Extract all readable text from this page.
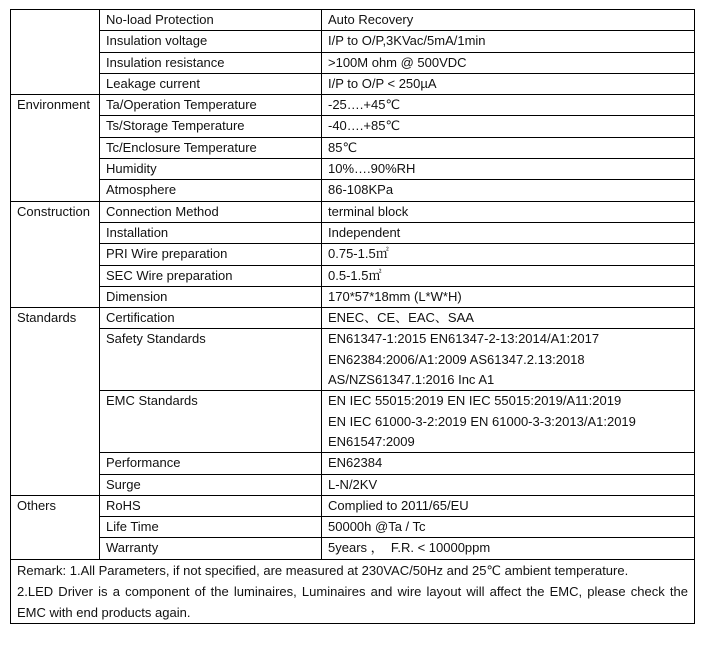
	No-load Protection	Auto Recovery
	Insulation voltage	I/P to O/P,3KVac/5mA/1min
	Insulation resistance	>100M ohm @ 500VDC
	Leakage current	I/P to O/P < 250µA
Environment	Ta/Operation Temperature	-25….+45℃
	Ts/Storage Temperature	-40….+85℃
	Tc/Enclosure Temperature	85℃
	Humidity	10%….90%RH
	Atmosphere	86-108KPa
Construction	Connection Method	terminal block
	Installation	Independent
	PRI Wire preparation	0.75-1.5㎡
	SEC Wire preparation	0.5-1.5㎡
	Dimension	170*57*18mm (L*W*H)
Standards	Certification	ENEC、CE、EAC、SAA
	Safety Standards	EN61347-1:2015 EN61347-2-13:2014/A1:2017
EN62384:2006/A1:2009 AS61347.2.13:2018
AS/NZS61347.1:2016 Inc A1

	EMC Standards	EN IEC 55015:2019 EN IEC 55015:2019/A11:2019
EN IEC 61000-3-2:2019 EN 61000-3-3:2013/A1:2019
EN61547:2009

	Performance	EN62384
	Surge	L-N/2KV

Others	RoHS	Complied to 2011/65/EU
	Life Time	50000h @Ta / Tc
	Warranty	5years ，  F.R. < 10000ppm

Remark: 1.All Parameters, if not specified, are measured at 230VAC/50Hz and 25℃ ambient temperature.
2.LED Driver is a component of the luminaires, Luminaires and wire layout will affect the EMC, please check the
EMC with end products again.		
